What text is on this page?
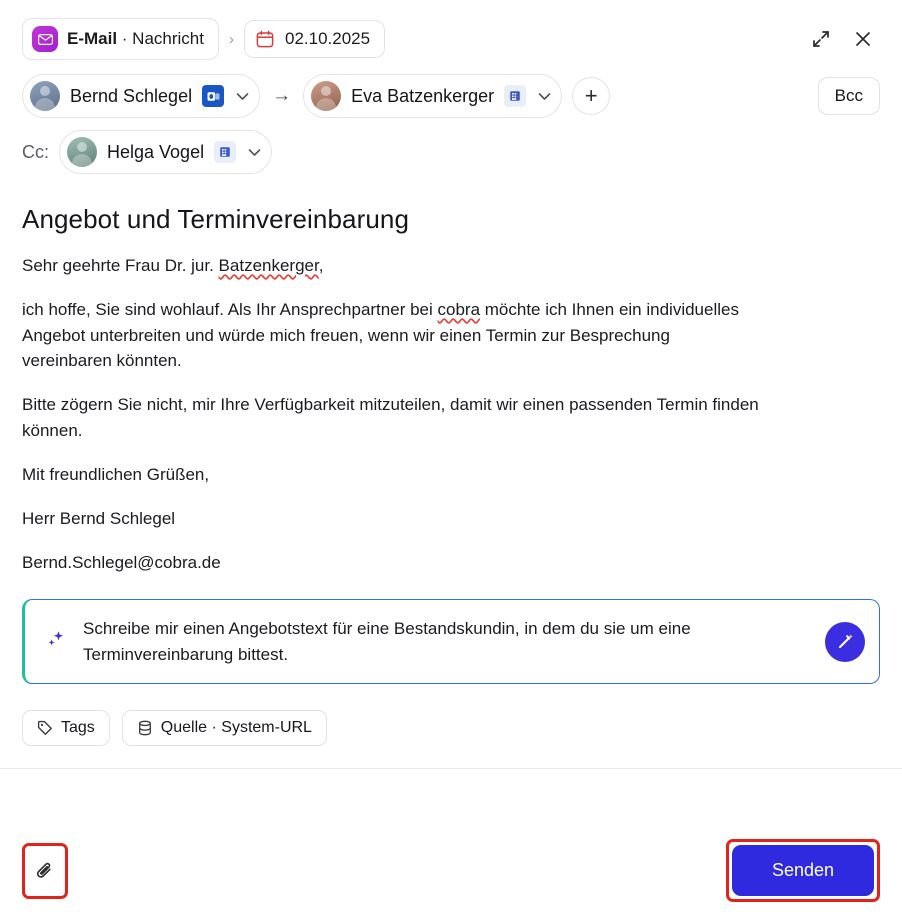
E-Mail · Nachricht ›	02.10.2025
Bernd Schlegel	→	Eva Batzenkerger	+	Bcc
Cc:	Helga Vogel
Angebot und Terminvereinbarung

Sehr geehrte Frau Dr. jur. Batzenkerger,

ich hoffe, Sie sind wohlauf. Als Ihr Ansprechpartner bei cobra möchte ich Ihnen ein individuelles Angebot unterbreiten und würde mich freuen, wenn wir einen Termin zur Besprechung vereinbaren könnten.

Bitte zögern Sie nicht, mir Ihre Verfügbarkeit mitzuteilen, damit wir einen passenden Termin finden können.

Mit freundlichen Grüßen,

Herr Bernd Schlegel

Bernd.Schlegel@cobra.de

Schreibe mir einen Angebotstext für eine Bestandskundin, in dem du sie um eine Terminvereinbarung bittest.
Tags	Quelle · System-URL
Senden
